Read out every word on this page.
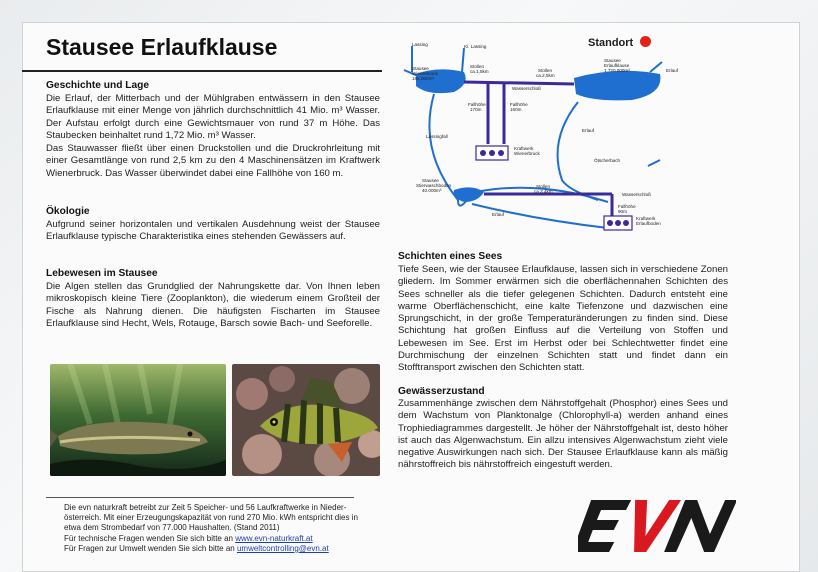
Stausee Erlaufklause
Geschichte und Lage

Die Erlauf, der Mitterbach und der Mühlgraben entwässern in den Stausee Erlaufklause mit einer Menge von jährlich durchschnittlich 41 Mio. m³ Wasser. Der Aufstau erfolgt durch eine Gewichtsmauer von rund 37 m Höhe. Das Staubecken beinhaltet rund 1,72 Mio. m³ Wasser.

Das Stauwasser fließt über einen Druckstollen und die Druckrohrleitung mit einer Gesamtlänge von rund 2,5 km zu den 4 Maschinensätzen im Kraftwerk Wienerbruck. Das Wasser überwindet dabei eine Fallhöhe von 160 m.

Ökologie

Aufgrund seiner horizontalen und vertikalen Ausdehnung weist der Stausee Erlaufklause typische Charakteristika eines stehenden Gewässers auf.

Lebewesen im Stausee

Die Algen stellen das Grundglied der Nahrungskette dar. Von Ihnen leben mikroskopisch kleine Tiere (Zooplankton), die wiederum einem Großteil der Fische als Nahrung dienen. Die häufigsten Fischarten im Stausee Erlaufklause sind Hecht, Wels, Rotauge, Barsch sowie Bach- und Seeforelle.

Standort
Lassing	Kl. Lassing
Stausee
Wienerbruck
185.000m³
Stausee
Erlaufklause
1.720.000m³	Erlauf
Stollen
ca.1,5km	Stollen
ca.2,5km
Wasserschloß
Fallhöhe
170m
Fallhöhe
160m
Kraftwerk
Wienerbruck
Lassingfall
Erlauf
Ötscherbach
Stausee
Stierwaschboden
40.000m³
Stollen
ca.3,4km
Wasserschloß
Fallhöhe
90m
Kraftwerk
Erlaufboden
Erlauf
Schichten eines Sees

Tiefe Seen, wie der Stausee Erlaufklause, lassen sich in verschiedene Zonen gliedern. Im Sommer erwärmen sich die oberflächennahen Schichten des Sees schneller als die tiefer gelegenen Schichten. Dadurch entsteht eine warme Oberflächenschicht, eine kalte Tiefenzone und dazwischen eine Sprungschicht, in der große Temperaturänderungen zu finden sind. Diese Schichtung hat großen Einfluss auf die Verteilung von Stoffen und Lebewesen im See. Erst im Herbst oder bei Schlechtwetter findet eine Durchmischung der einzelnen Schichten statt und findet dann ein Stofftransport zwischen den Schichten statt.

Gewässerzustand

Zusammenhänge zwischen dem Nährstoffgehalt (Phosphor) eines Sees und dem Wachstum von Planktonalge (Chlorophyll-a) werden anhand eines Trophiediagrammes dargestellt. Je höher der Nährstoffgehalt ist, desto höher ist auch das Algenwachstum. Ein allzu intensives Algenwachstum zieht viele negative Auswirkungen nach sich. Der Stausee Erlaufklause kann als mäßig nährstoffreich bis nährstoffreich eingestuft werden.

Die evn naturkraft betreibt zur Zeit 5 Speicher- und 56 Laufkraftwerke in Nieder-

österreich. Mit einer Erzeugungskapazität von rund 270 Mio. kWh entspricht dies in

etwa dem Strombedarf von 77.000 Haushalten. (Stand 2011)

Für technische Fragen wenden Sie sich bitte an www.evn-naturkraft.at

Für Fragen zur Umwelt wenden Sie sich bitte an umweltcontrolling@evn.at
